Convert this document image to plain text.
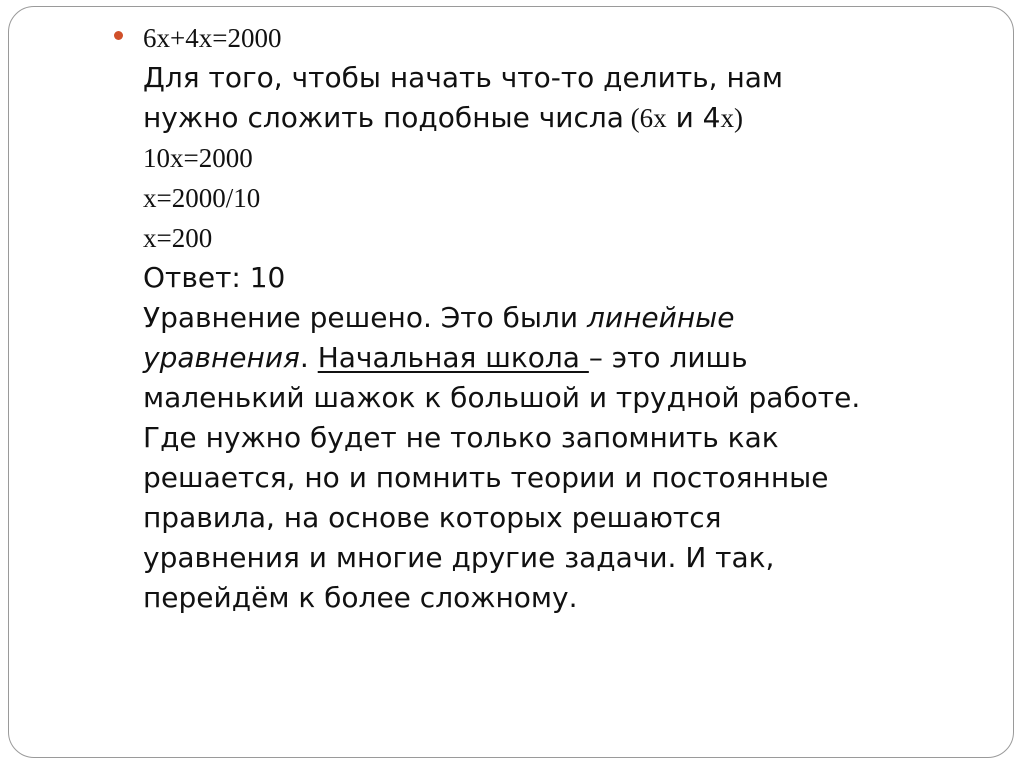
6x+4x=2000
Для того, чтобы начать что-то делить, нам
нужно сложить подобные числа (6х и 4х)
10x=2000
x=2000/10
x=200
Ответ: 10
Уравнение решено. Это были линейные
уравнения. Начальная школа – это лишь
маленький шажок к большой и трудной работе.
Где нужно будет не только запомнить как
решается, но и помнить теории и постоянные
правила, на основе которых решаются
уравнения и многие другие задачи. И так,
перейдём к более сложному.
